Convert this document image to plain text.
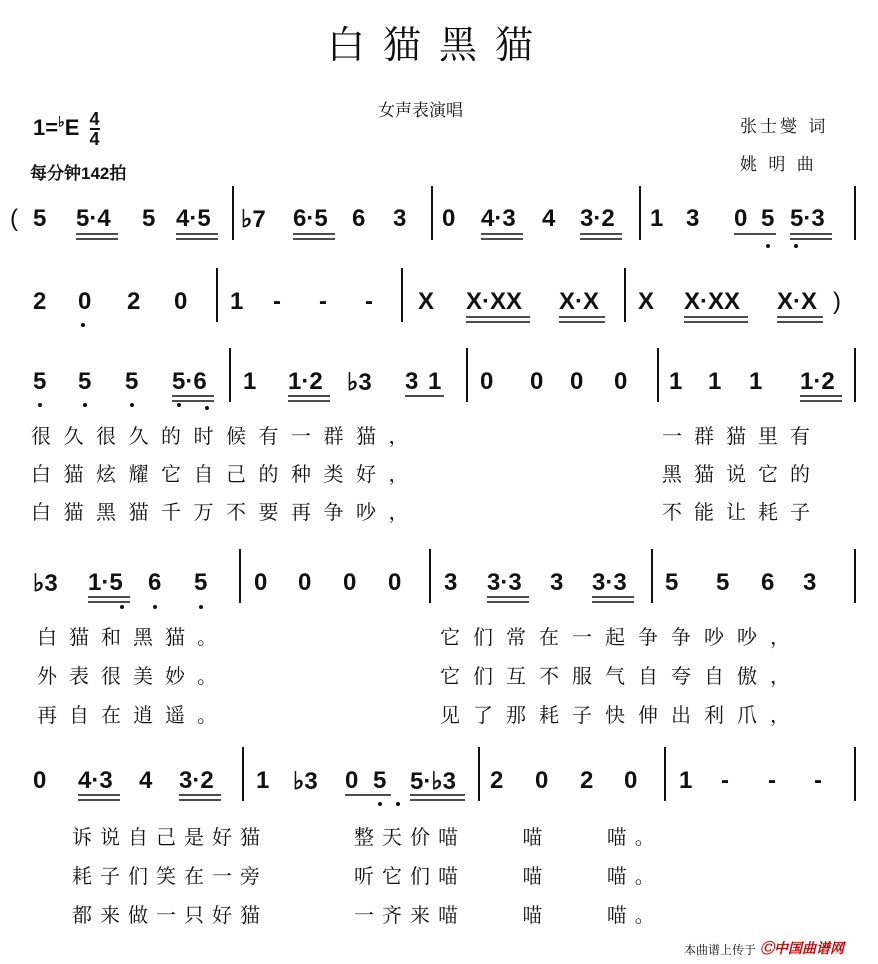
白猫黑猫
女声表演唱
$1=^♭E \frac{4}{4}$
每分钟142拍
张士燮 词
姚 明 曲
( 5 5·4 5 4·5 ♭7 6·5 6 3 0 4·3 4 3·2 1 3 0 5 5·3
2 0 2 0 1 - - - X X·XX X·X X X·XX X·X )
5 5 5 5·6 1 1·2 ♭3 3 1 0 0 0 0 1 1 1 1·2
很久很久的时候有一群猫，
白猫炫耀它自己的种类好，
白猫黑猫千万不要再争吵，
一群猫里有
黑猫说它的
不能让耗子
♭3 1·5 6 5 0 0 0 0 3 3·3 3 3·3 5 5 6 3
白猫和黑猫。
外表很美妙。
再自在逍遥。
它们常在一起争争吵吵，
它们互不服气自夸自傲，
见了那耗子快伸出利爪，
0 4·3 4 3·2 1 ♭3 0 5 5·♭3 2 0 2 0 1 - - -
诉说自己是好猫
耗子们笑在一旁
都来做一只好猫
整天价喵 喵 喵。
听它们喵 喵 喵。
一齐来喵 喵 喵。
本曲谱上传于 Ⓒ中国曲谱网
